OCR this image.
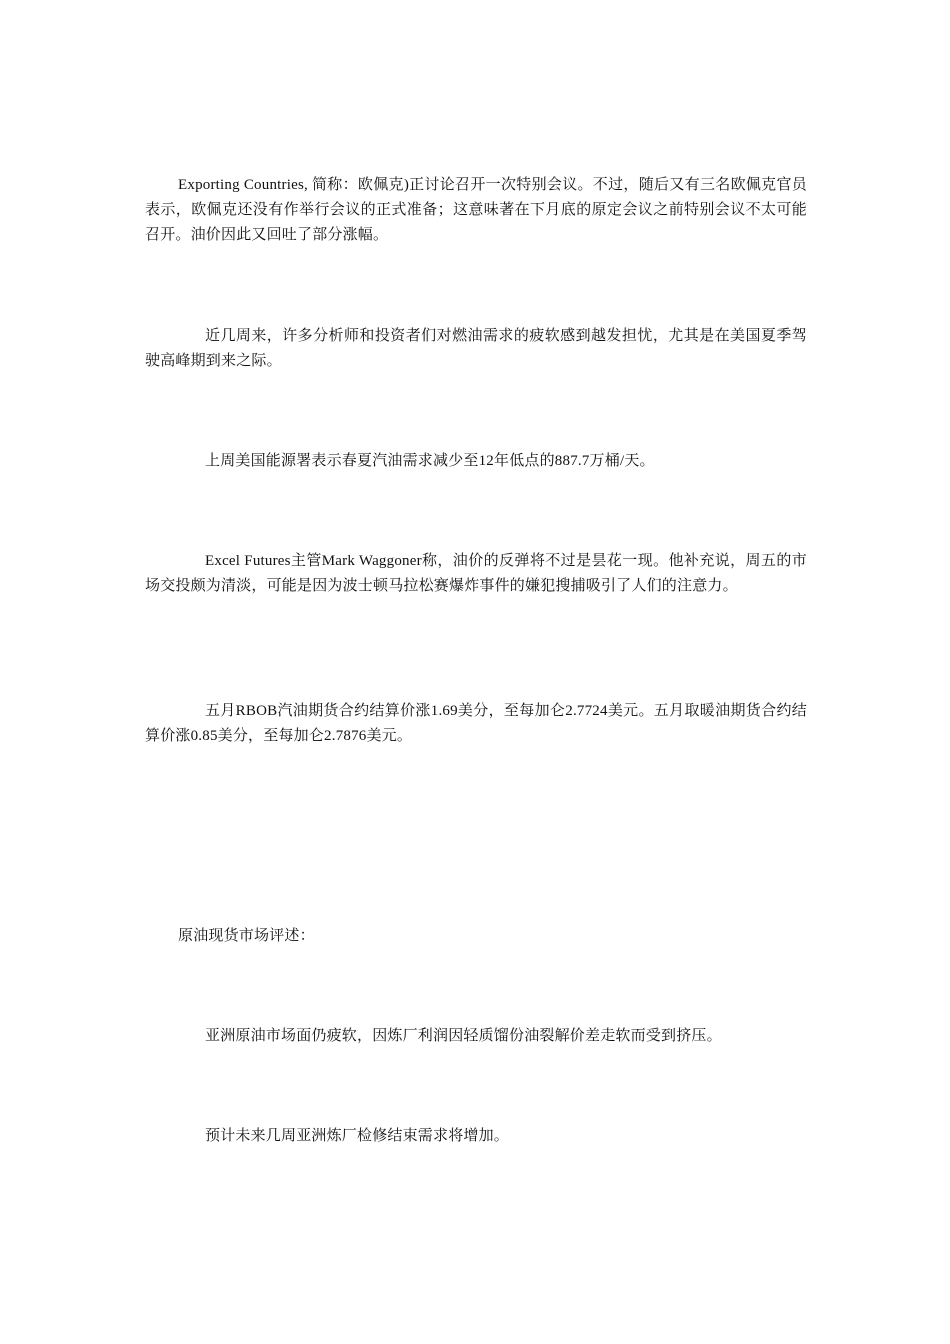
Exporting Countries, 简称：欧佩克)正讨论召开一次特别会议。不过，随后又有三名欧佩克官员表示，欧佩克还没有作举行会议的正式准备；这意味著在下月底的原定会议之前特别会议不太可能召开。油价因此又回吐了部分涨幅。

近几周来，许多分析师和投资者们对燃油需求的疲软感到越发担忧，尤其是在美国夏季驾驶高峰期到来之际。

上周美国能源署表示春夏汽油需求减少至12年低点的887.7万桶/天。

Excel Futures主管Mark Waggoner称，油价的反弹将不过是昙花一现。他补充说，周五的市场交投颇为清淡，可能是因为波士顿马拉松赛爆炸事件的嫌犯搜捕吸引了人们的注意力。

五月RBOB汽油期货合约结算价涨1.69美分，至每加仑2.7724美元。五月取暖油期货合约结算价涨0.85美分，至每加仑2.7876美元。

原油现货市场评述：

亚洲原油市场面仍疲软，因炼厂利润因轻质馏份油裂解价差走软而受到挤压。

预计未来几周亚洲炼厂检修结束需求将增加。
